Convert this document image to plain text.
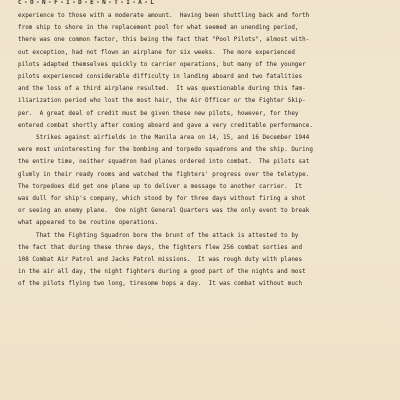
C-O-N-F-I-D-E-N-T-I-A-L
experience to those with a moderate amount.  Having been shuttling back and forth
from ship to shore in the replacement pool for what seemed an unending period,
there was one common factor, this being the fact that "Pool Pilots", almost with-
out exception, had not flown an airplane for six weeks.  The more experienced
pilots adapted themselves quickly to carrier operations, but many of the younger
pilots experienced considerable difficulty in landing aboard and two fatalities
and the loss of a third airplane resulted.  It was questionable during this fam-
iliarization period who lost the most hair, the Air Officer or the Fighter Skip-
per.  A great deal of credit must be given these new pilots, however, for they
entered combat shortly after coming aboard and gave a very creditable performance.
Strikes against airfields in the Manila area on 14, 15, and 16 December 1944
were most uninteresting for the bombing and torpedo squadrons and the ship. During
the entire time, neither squadron had planes ordered into combat.  The pilots sat
glumly in their ready rooms and watched the fighters' progress over the teletype.
The torpedoes did get one plane up to deliver a message to another carrier.  It
was dull for ship's company, which stood by for three days without firing a shot
or seeing an enemy plane.  One night General Quarters was the only event to break
what appeared to be routine operations.
That the Fighting Squadron bore the brunt of the attack is attested to by
the fact that during these three days, the fighters flew 256 combat sorties and
108 Combat Air Patrol and Jacks Patrol missions.  It was rough duty with planes
in the air all day, the night fighters during a good part of the nights and most
of the pilots flying two long, tiresome hops a day.  It was combat without much
